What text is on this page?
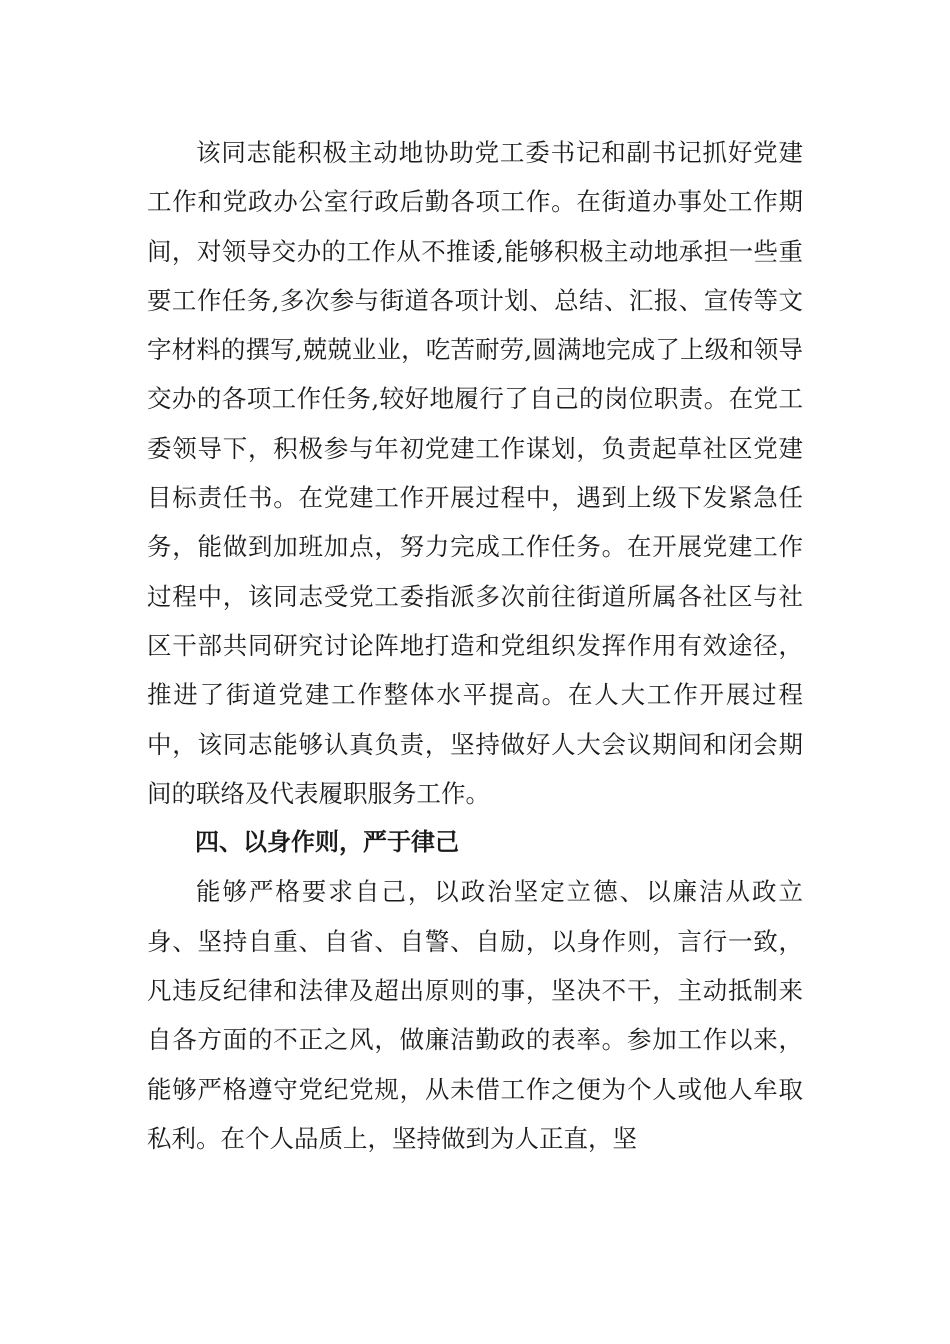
该同志能积极主动地协助党工委书记和副书记抓好党建工作和党政办公室行政后勤各项工作。在街道办事处工作期间，对领导交办的工作从不推诿,能够积极主动地承担一些重要工作任务,多次参与街道各项计划、总结、汇报、宣传等文字材料的撰写,兢兢业业，吃苦耐劳,圆满地完成了上级和领导交办的各项工作任务,较好地履行了自己的岗位职责。在党工委领导下，积极参与年初党建工作谋划，负责起草社区党建目标责任书。在党建工作开展过程中，遇到上级下发紧急任务，能做到加班加点，努力完成工作任务。在开展党建工作过程中，该同志受党工委指派多次前往街道所属各社区与社区干部共同研究讨论阵地打造和党组织发挥作用有效途径，推进了街道党建工作整体水平提高。在人大工作开展过程中，该同志能够认真负责，坚持做好人大会议期间和闭会期间的联络及代表履职服务工作。

四、以身作则，严于律己

能够严格要求自己，以政治坚定立德、以廉洁从政立身、坚持自重、自省、自警、自励，以身作则，言行一致，凡违反纪律和法律及超出原则的事，坚决不干，主动抵制来自各方面的不正之风，做廉洁勤政的表率。参加工作以来，能够严格遵守党纪党规，从未借工作之便为个人或他人牟取私利。在个人品质上，坚持做到为人正直，坚
